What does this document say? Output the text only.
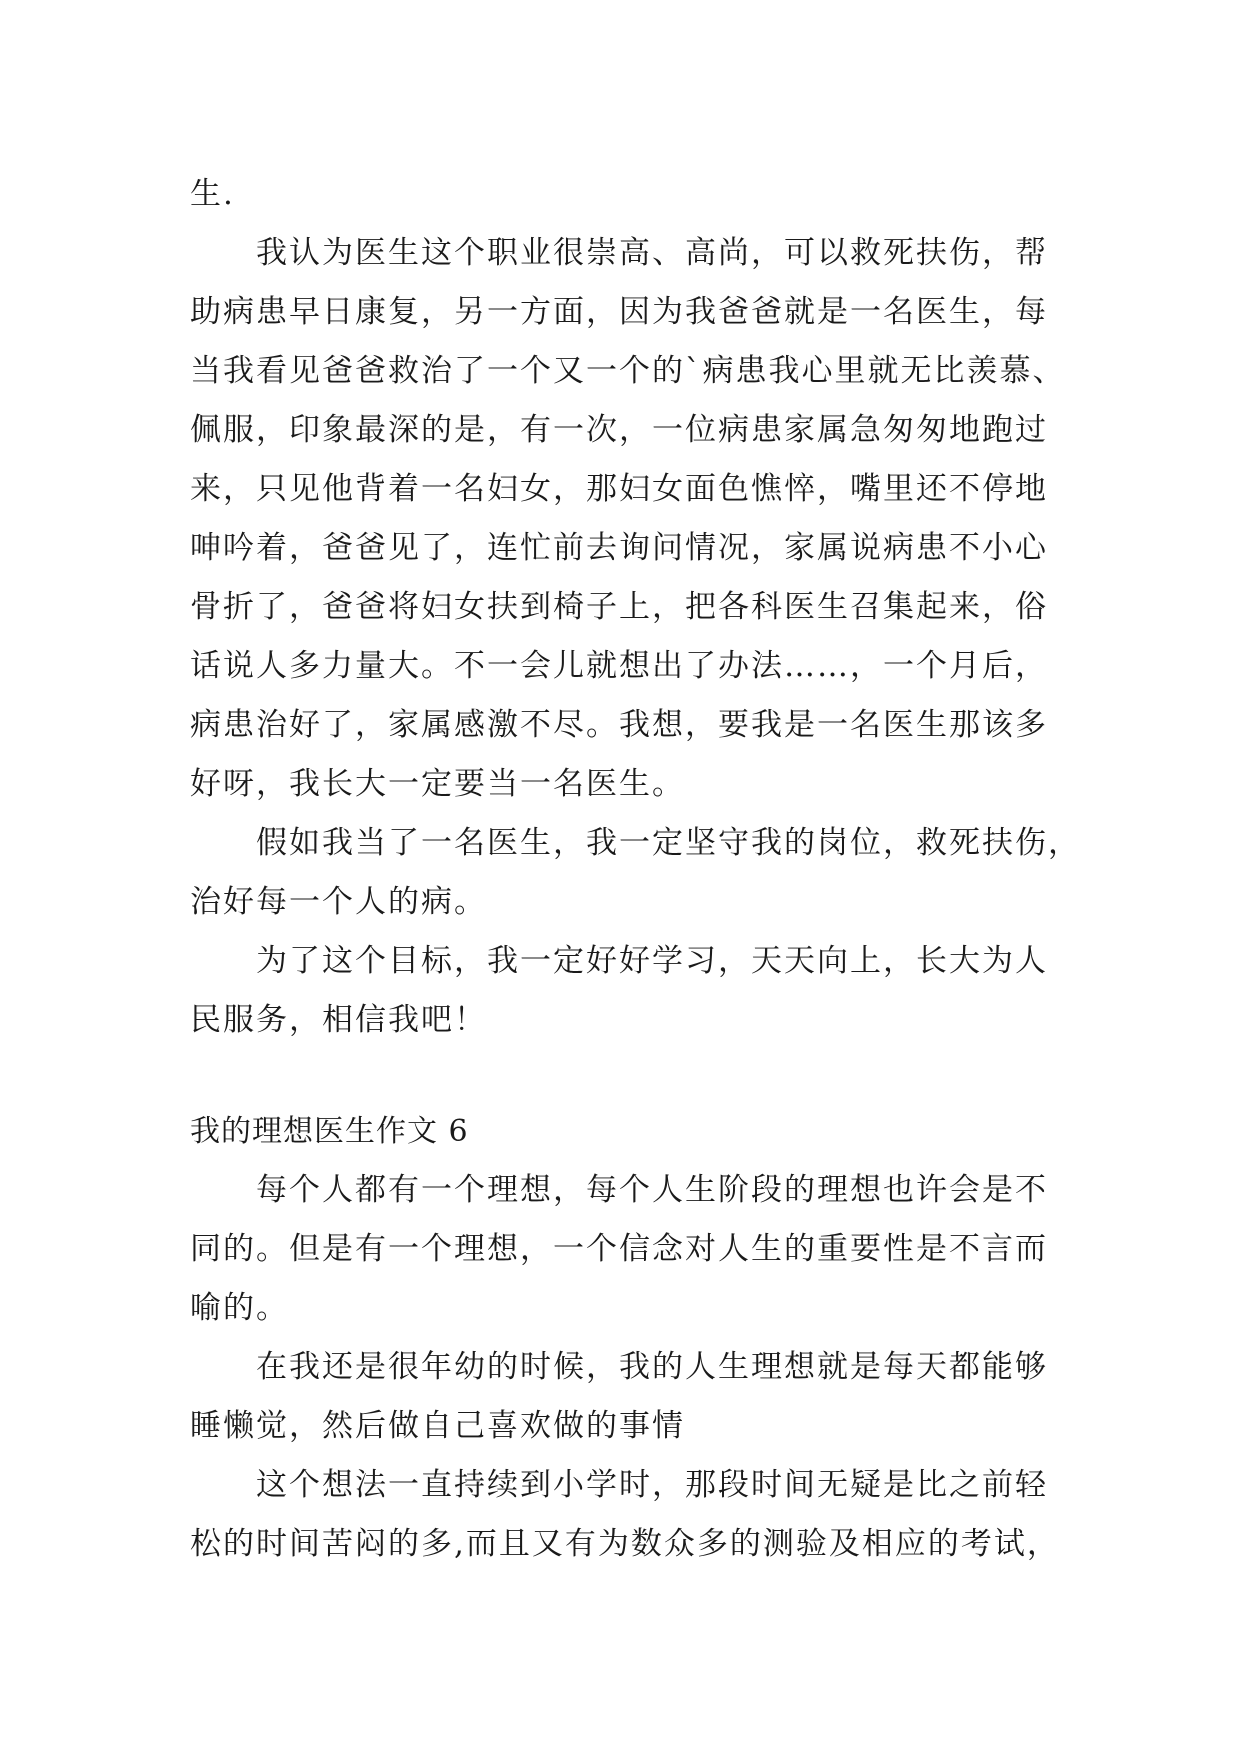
生.
我认为医生这个职业很崇高、高尚，可以救死扶伤，帮
助病患早日康复，另一方面，因为我爸爸就是一名医生，每
当我看见爸爸救治了一个又一个的`病患我心里就无比羡慕、
佩服，印象最深的是，有一次，一位病患家属急匆匆地跑过
来，只见他背着一名妇女，那妇女面色憔悴，嘴里还不停地
呻吟着，爸爸见了，连忙前去询问情况，家属说病患不小心
骨折了，爸爸将妇女扶到椅子上，把各科医生召集起来，俗
话说人多力量大。不一会儿就想出了办法……，一个月后，
病患治好了，家属感激不尽。我想，要我是一名医生那该多
好呀，我长大一定要当一名医生。
假如我当了一名医生，我一定坚守我的岗位，救死扶伤，
治好每一个人的病。
为了这个目标，我一定好好学习，天天向上，长大为人
民服务，相信我吧！
我的理想医生作文 6
每个人都有一个理想，每个人生阶段的理想也许会是不
同的。但是有一个理想，一个信念对人生的重要性是不言而
喻的。
在我还是很年幼的时候，我的人生理想就是每天都能够
睡懒觉，然后做自己喜欢做的事情
这个想法一直持续到小学时，那段时间无疑是比之前轻
松的时间苦闷的多,而且又有为数众多的测验及相应的考试，
